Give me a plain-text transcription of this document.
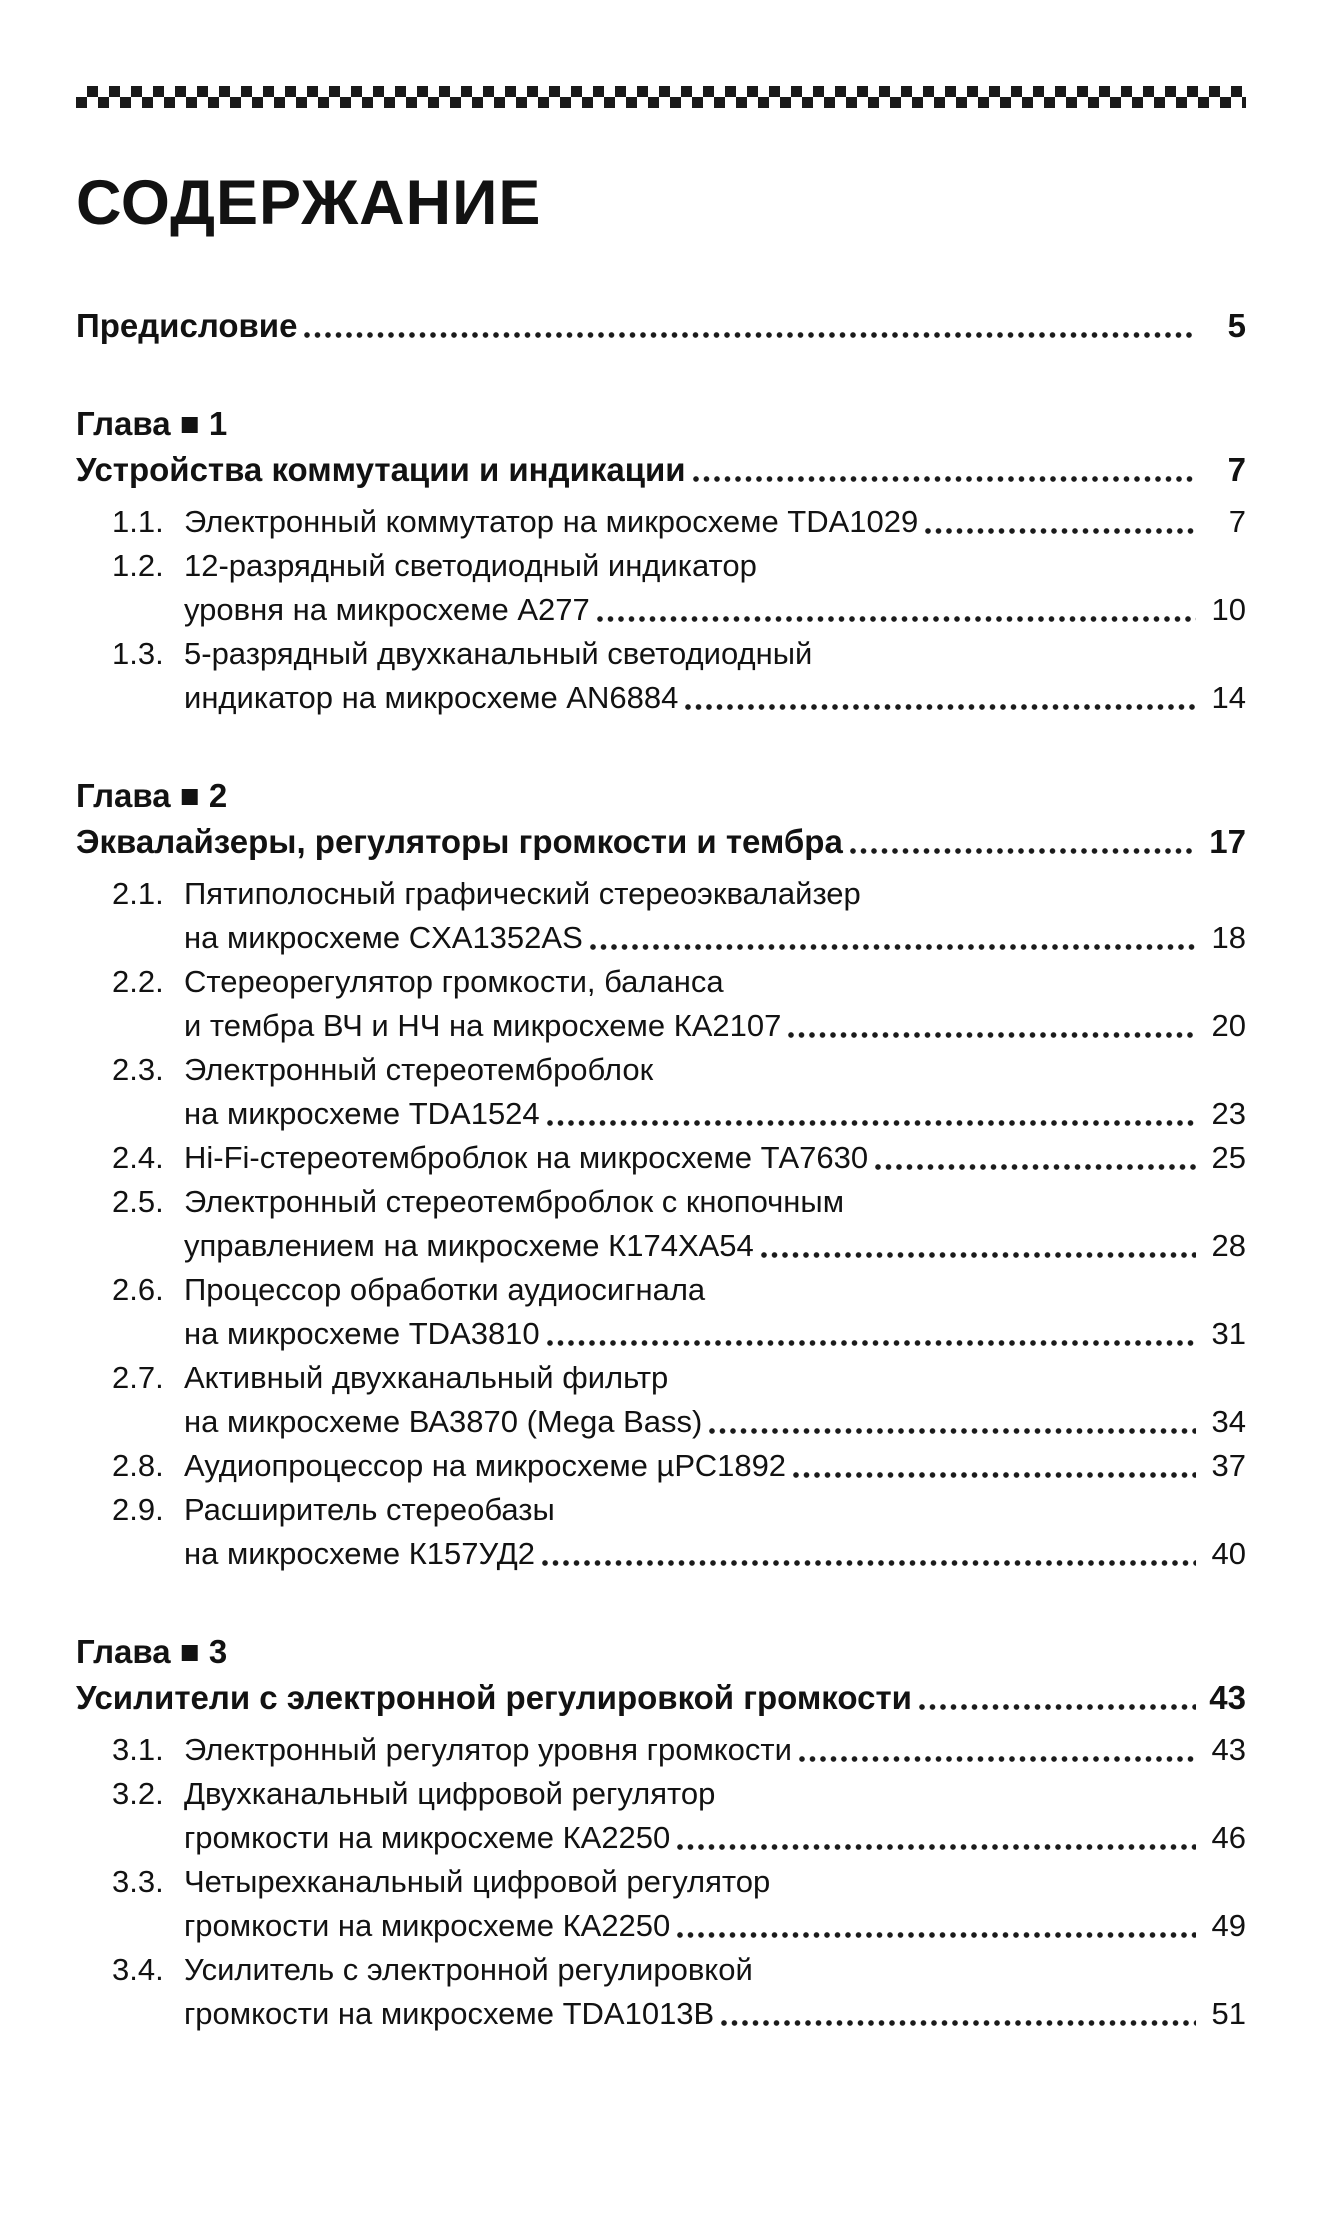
СОДЕРЖАНИЕ
Предисловие	5
Глава ■ 1
Устройства коммутации и индикации	7
1.1. Электронный коммутатор на микросхеме TDA1029	7
1.2. 12-разрядный светодиодный индикатор
уровня на микросхеме А277	10
1.3. 5-разрядный двухканальный светодиодный
индикатор на микросхеме AN6884	14
Глава ■ 2
Эквалайзеры, регуляторы громкости и тембра	17
2.1. Пятиполосный графический стереоэквалайзер
на микросхеме CXA1352AS	18
2.2. Стереорегулятор громкости, баланса
и тембра ВЧ и НЧ на микросхеме КА2107	20
2.3. Электронный стереотемброблок
на микросхеме TDA1524	23
2.4. Hi-Fi-стереотемброблок на микросхеме ТА7630	25
2.5. Электронный стереотемброблок с кнопочным
управлением на микросхеме К174ХА54	28
2.6. Процессор обработки аудиосигнала
на микросхеме TDA3810	31
2.7. Активный двухканальный фильтр
на микросхеме ВА3870 (Mega Bass)	34
2.8. Аудиопроцессор на микросхеме µРС1892	37
2.9. Расширитель стереобазы
на микросхеме К157УД2	40
Глава ■ 3
Усилители с электронной регулировкой громкости	43
3.1. Электронный регулятор уровня громкости	43
3.2. Двухканальный цифровой регулятор
громкости на микросхеме КА2250	46
3.3. Четырехканальный цифровой регулятор
громкости на микросхеме КА2250	49
3.4. Усилитель с электронной регулировкой
громкости на микросхеме TDA1013B	51
